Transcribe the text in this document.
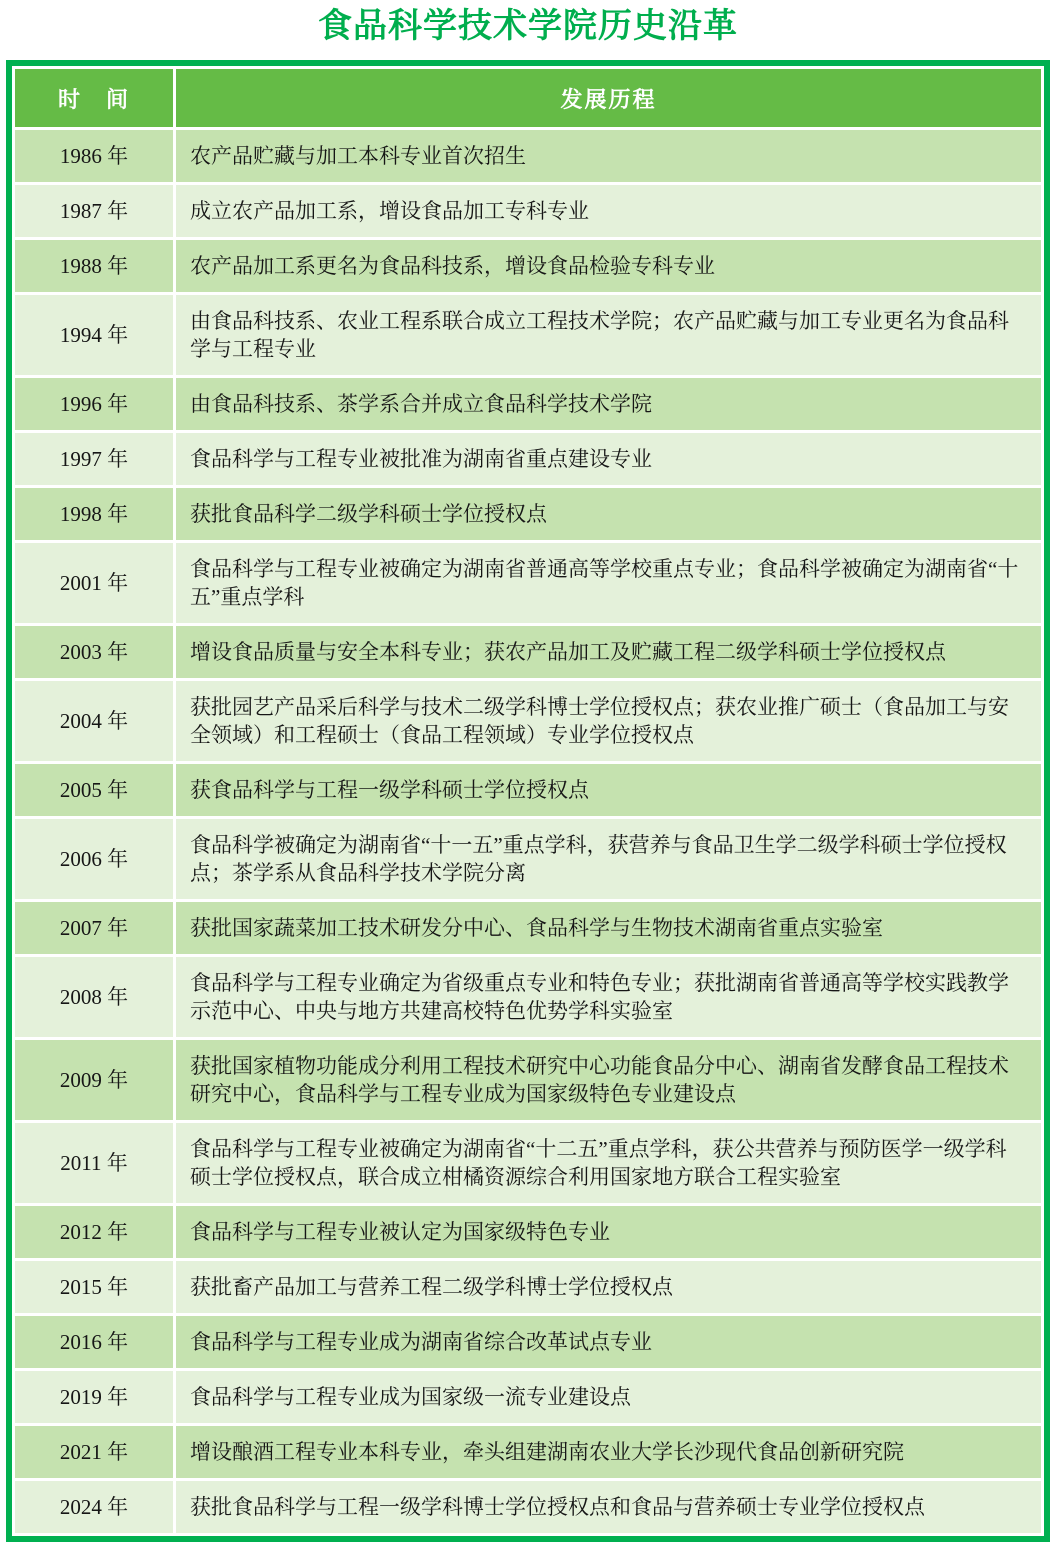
食品科学技术学院历史沿革
时　间	发展历程
1986 年	农产品贮藏与加工本科专业首次招生
1987 年	成立农产品加工系，增设食品加工专科专业
1988 年	农产品加工系更名为食品科技系，增设食品检验专科专业
1994 年	由食品科技系、农业工程系联合成立工程技术学院；农产品贮藏与加工专业更名为食品科学与工程专业
1996 年	由食品科技系、茶学系合并成立食品科学技术学院
1997 年	食品科学与工程专业被批准为湖南省重点建设专业
1998 年	获批食品科学二级学科硕士学位授权点
2001 年	食品科学与工程专业被确定为湖南省普通高等学校重点专业；食品科学被确定为湖南省“十五”重点学科
2003 年	增设食品质量与安全本科专业；获农产品加工及贮藏工程二级学科硕士学位授权点
2004 年	获批园艺产品采后科学与技术二级学科博士学位授权点；获农业推广硕士（食品加工与安全领域）和工程硕士（食品工程领域）专业学位授权点
2005 年	获食品科学与工程一级学科硕士学位授权点
2006 年	食品科学被确定为湖南省“十一五”重点学科，获营养与食品卫生学二级学科硕士学位授权点；茶学系从食品科学技术学院分离
2007 年	获批国家蔬菜加工技术研发分中心、食品科学与生物技术湖南省重点实验室
2008 年	食品科学与工程专业确定为省级重点专业和特色专业；获批湖南省普通高等学校实践教学示范中心、中央与地方共建高校特色优势学科实验室
2009 年	获批国家植物功能成分利用工程技术研究中心功能食品分中心、湖南省发酵食品工程技术研究中心，食品科学与工程专业成为国家级特色专业建设点
2011 年	食品科学与工程专业被确定为湖南省“十二五”重点学科，获公共营养与预防医学一级学科硕士学位授权点，联合成立柑橘资源综合利用国家地方联合工程实验室
2012 年	食品科学与工程专业被认定为国家级特色专业
2015 年	获批畜产品加工与营养工程二级学科博士学位授权点
2016 年	食品科学与工程专业成为湖南省综合改革试点专业
2019 年	食品科学与工程专业成为国家级一流专业建设点
2021 年	增设酿酒工程专业本科专业，牵头组建湖南农业大学长沙现代食品创新研究院
2024 年	获批食品科学与工程一级学科博士学位授权点和食品与营养硕士专业学位授权点
